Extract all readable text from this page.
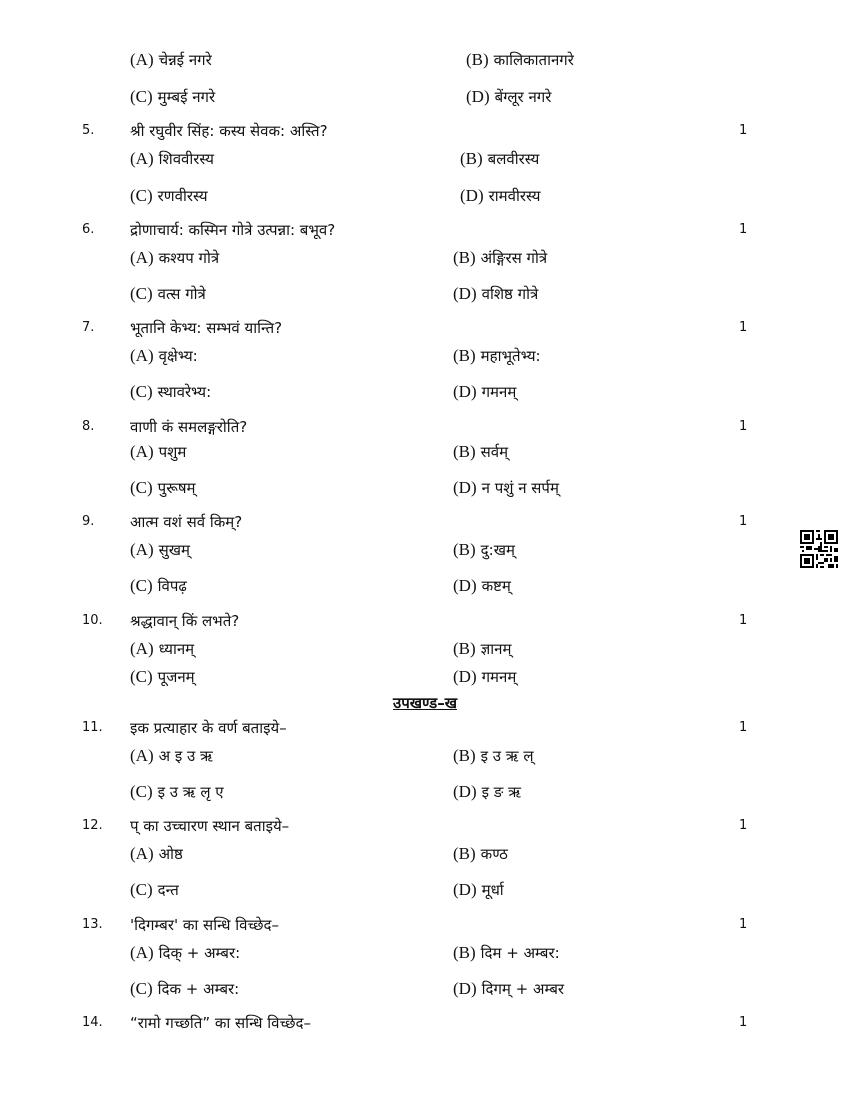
(A) चेन्नई नगरे	(B) कालिकातानगरे
(C) मुम्बई नगरे	(D) बेंग्लूर नगरे
5. श्री रघुवीर सिंह: कस्य सेवक: अस्ति?	1
(A) शिववीरस्य	(B) बलवीरस्य
(C) रणवीरस्य	(D) रामवीरस्य
6. द्रोणाचार्य: कस्मिन गोत्रे उत्पन्ना: बभूव?	1
(A) कश्यप गोत्रे	(B) अंङ्गिरस गोत्रे
(C) वत्स गोत्रे	(D) वशिष्ठ गोत्रे
7. भूतानि केभ्य: सम्भवं यान्ति?	1
(A) वृक्षेभ्य:	(B) महाभूतेभ्य:
(C) स्थावरेभ्य:	(D) गमनम्
8. वाणी कं समलङ्गरोति?	1
(A) पशुम	(B) सर्वम्
(C) पुरूषम्	(D) न पशुं न सर्पम्
9. आत्म वशं सर्व किम्?	1
(A) सुखम्	(B) दु:खम्
(C) विपढ़	(D) कष्टम्
10. श्रद्धावान् किं लभते?	1
(A) ध्यानम्	(B) ज्ञानम्
(C) पूजनम्	(D) गमनम्
उपखण्ड–ख
11. इक प्रत्याहार के वर्ण बताइये–	1
(A) अ इ उ ऋ	(B) इ उ ऋ ल्
(C) इ उ ऋ लृ ए	(D) इ ङ ऋ
12. प् का उच्चारण स्थान बताइये–	1
(A) ओष्ठ	(B) कण्ठ
(C) दन्त	(D) मूर्धा
13. 'दिगम्बर' का सन्धि विच्छेद–	1
(A) दिक् + अम्बर:	(B) दिम + अम्बर:
(C) दिक + अम्बर:	(D) दिगम् + अम्बर
14. “रामो गच्छति” का सन्धि विच्छेद–	1
